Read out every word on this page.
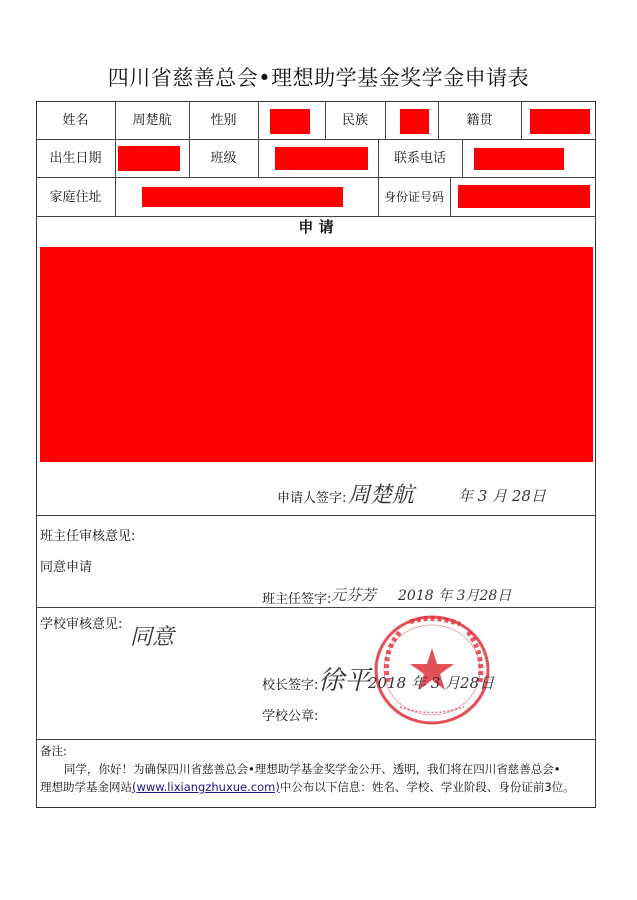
四川省慈善总会•理想助学基金奖学金申请表
姓名	周楚航	性别	民族	籍贯
出生日期	班级	联系电话
家庭住址	身份证号码
申 请
申请人签字: 周楚航	年 3 月 28日
班主任审核意见:
同意申请
班主任签字: 元芬芳 2018 年 3月28日
学校审核意见:
同意
校长签字: 徐平
2018 年 3 月28日
学校公章:
备注:
同学，你好！为确保四川省慈善总会•理想助学基金奖学金公开、透明，我们将在四川省慈善总会•
理想助学基金网站(www.lixiangzhuxue.com)中公布以下信息：姓名、学校、学业阶段、身份证前3位。
